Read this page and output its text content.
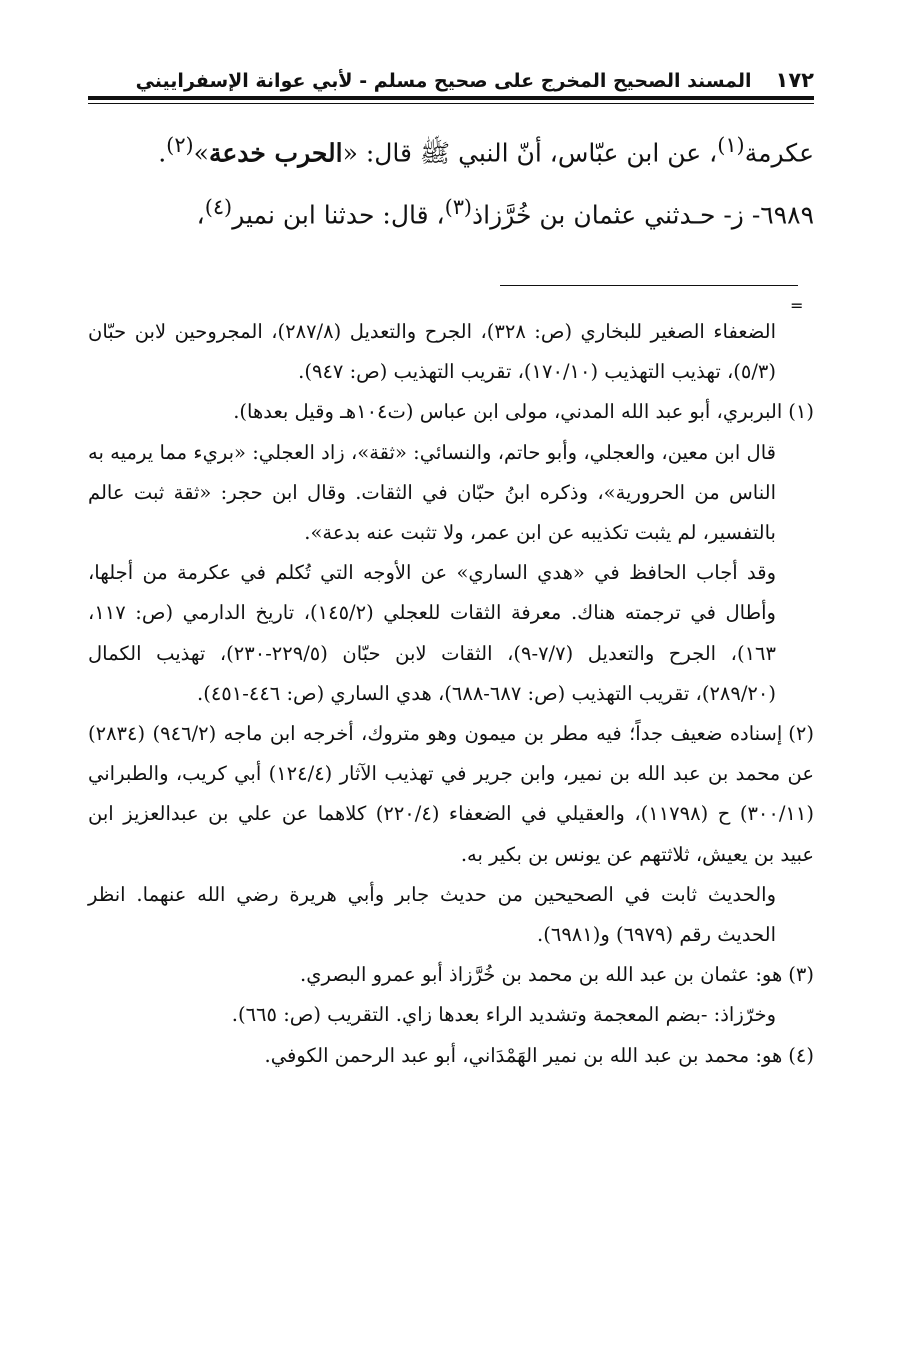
١٧٢
المسند الصحيح المخرج على صحيح مسلم - لأبي عوانة الإسفراييني

عكرمة$^{(١)}$، عن ابن عبّاس، أنّ النبي ﷺ قال: «الحرب خدعة»$^{(٢)}$.

٦٩٨٩- ز- حـدثني عثمان بن خُرَّزاذ$^{(٣)}$، قال: حدثنا ابن نمير$^{(٤)}$،

=

الضعفاء الصغير للبخاري (ص: ٣٢٨)، الجرح والتعديل (٢٨٧/٨)، المجروحين لابن حبّان (٥/٣)، تهذيب التهذيب (١٧٠/١٠)، تقريب التهذيب (ص: ٩٤٧).

(١)البربري، أبو عبد الله المدني، مولى ابن عباس (ت١٠٤هـ وقيل بعدها).

قال ابن معين، والعجلي، وأبو حاتم، والنسائي: «ثقة»، زاد العجلي: «بريء مما يرميه به الناس من الحرورية»، وذكره ابنُ حبّان في الثقات. وقال ابن حجر: «ثقة ثبت عالم بالتفسير، لم يثبت تكذيبه عن ابن عمر، ولا تثبت عنه بدعة».

وقد أجاب الحافظ في «هدي الساري» عن الأوجه التي تُكلم في عكرمة من أجلها، وأطال في ترجمته هناك. معرفة الثقات للعجلي (١٤٥/٢)، تاريخ الدارمي (ص: ١١٧، ١٦٣)، الجرح والتعديل (٧/٧-٩)، الثقات لابن حبّان (٢٢٩/٥-٢٣٠)، تهذيب الكمال (٢٨٩/٢٠)، تقريب التهذيب (ص: ٦٨٧-٦٨٨)، هدي الساري (ص: ٤٤٦-٤٥١).

(٢)إسناده ضعيف جداً؛ فيه مطر بن ميمون وهو متروك، أخرجه ابن ماجه (٩٤٦/٢) (٢٨٣٤) عن محمد بن عبد الله بن نمير، وابن جرير في تهذيب الآثار (١٢٤/٤) أبي كريب، والطبراني (٣٠٠/١١) ح (١١٧٩٨)، والعقيلي في الضعفاء (٢٢٠/٤) كلاهما عن علي بن عبدالعزيز ابن عبيد بن يعيش، ثلاثتهم عن يونس بن بكير به.

والحديث ثابت في الصحيحين من حديث جابر وأبي هريرة رضي الله عنهما. انظر الحديث رقم (٦٩٧٩) و(٦٩٨١).

(٣)هو: عثمان بن عبد الله بن محمد بن خُرَّزاذ أبو عمرو البصري.

وخرّزاذ: -بضم المعجمة وتشديد الراء بعدها زاي. التقريب (ص: ٦٦٥).

(٤)هو: محمد بن عبد الله بن نمير الهَمْدَاني، أبو عبد الرحمن الكوفي.
